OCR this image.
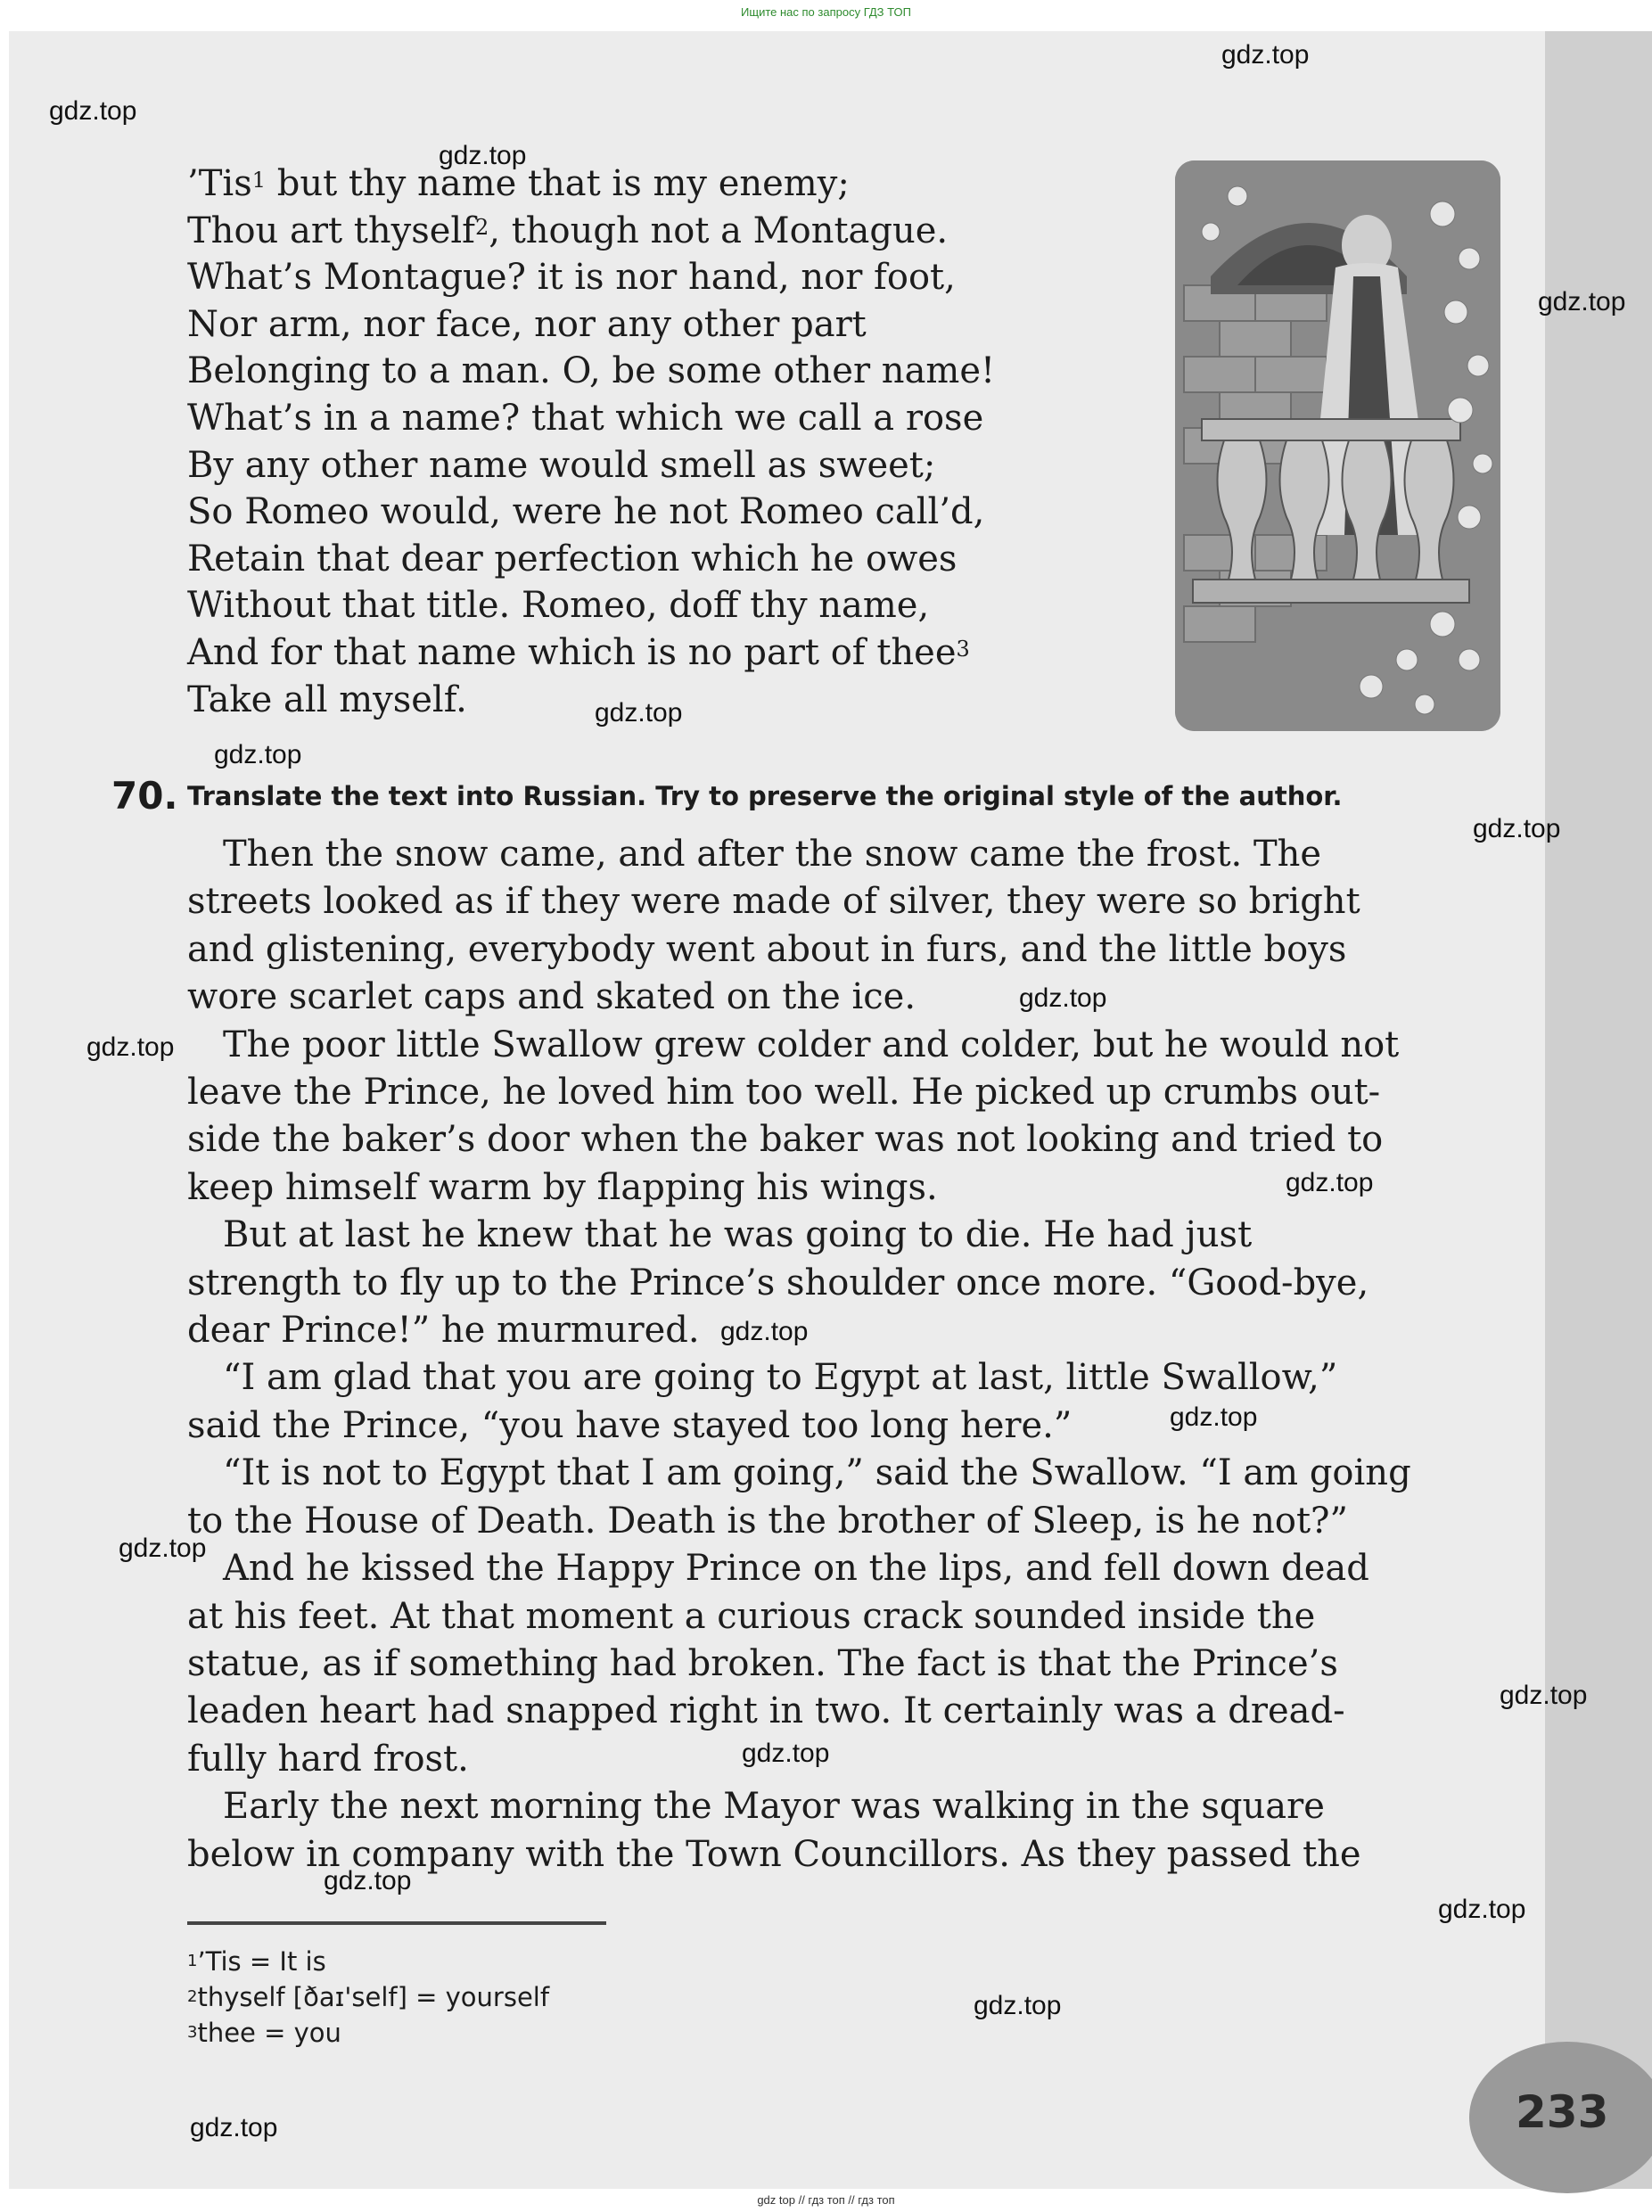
Ищите нас по запросу ГДЗ ТОП
’Tis$^1$ but thy name that is my enemy;
Thou art thyself$^2$, though not a Montague.
What’s Montague? it is nor hand, nor foot,
Nor arm, nor face, nor any other part
Belonging to a man. O, be some other name!
What’s in a name? that which we call a rose
By any other name would smell as sweet;
So Romeo would, were he not Romeo call’d,
Retain that dear perfection which he owes
Without that title. Romeo, doff thy name,
And for that name which is no part of thee$^3$
Take all myself.
70. Translate the text into Russian. Try to preserve the original style of the author.
Then the snow came, and after the snow came the frost. The
streets looked as if they were made of silver, they were so bright
and glistening, everybody went about in furs, and the little boys
wore scarlet caps and skated on the ice.
The poor little Swallow grew colder and colder, but he would not
leave the Prince, he loved him too well. He picked up crumbs out-
side the baker’s door when the baker was not looking and tried to
keep himself warm by flapping his wings.
But at last he knew that he was going to die. He had just
strength to fly up to the Prince’s shoulder once more. “Good-bye,
dear Prince!” he murmured.
“I am glad that you are going to Egypt at last, little Swallow,”
said the Prince, “you have stayed too long here.”
“It is not to Egypt that I am going,” said the Swallow. “I am going
to the House of Death. Death is the brother of Sleep, is he not?”
And he kissed the Happy Prince on the lips, and fell down dead
at his feet. At that moment a curious crack sounded inside the
statue, as if something had broken. The fact is that the Prince’s
leaden heart had snapped right in two. It certainly was a dread-
fully hard frost.
Early the next morning the Mayor was walking in the square
below in company with the Town Councillors. As they passed the
$^1$’Tis = It is
$^2$thyself [ðaɪ'self] = yourself
$^3$thee = you
233
gdz.top
gdz.top
gdz.top
gdz.top
gdz.top
gdz.top
gdz.top
gdz.top
gdz.top
gdz.top
gdz.top
gdz.top
gdz.top
gdz.top
gdz.top
gdz.top
gdz.top
gdz.top
gdz.top
gdz top // гдз топ // гдз топ
